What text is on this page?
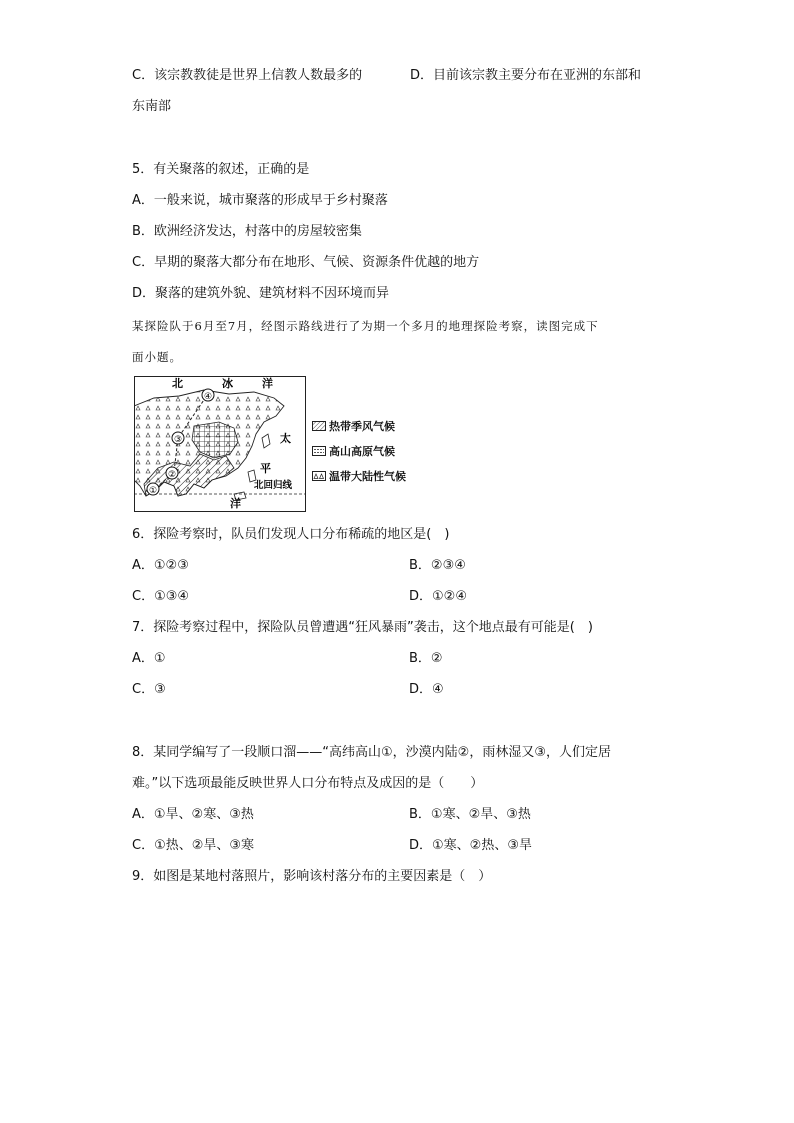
C．该宗教教徒是世界上信教人数最多的	D．目前该宗教主要分布在亚洲的东部和
东南部
5．有关聚落的叙述，正确的是
A．一般来说，城市聚落的形成早于乡村聚落
B．欧洲经济发达，村落中的房屋较密集
C．早期的聚落大都分布在地形、气候、资源条件优越的地方
D．聚落的建筑外貌、建筑材料不因环境而异
某探险队于6月至7月，经图示路线进行了为期一个多月的地理探险考察，读图完成下
面小题。
④
③
②
①
北	冰	洋
太
平
北回归线
洋
热带季风气候
高山高原气候
温带大陆性气候
6．探险考察时，队员们发现人口分布稀疏的地区是(　)
A．①②③	B．②③④
C．①③④	D．①②④
7．探险考察过程中，探险队员曾遭遇“狂风暴雨”袭击，这个地点最有可能是(　)
A．①	B．②
C．③	D．④
8．某同学编写了一段顺口溜——“高纬高山①，沙漠内陆②，雨林湿又③，人们定居
难。”以下选项最能反映世界人口分布特点及成因的是（　　）
A．①旱、②寒、③热	B．①寒、②旱、③热
C．①热、②旱、③寒	D．①寒、②热、③旱
9．如图是某地村落照片，影响该村落分布的主要因素是（　）
